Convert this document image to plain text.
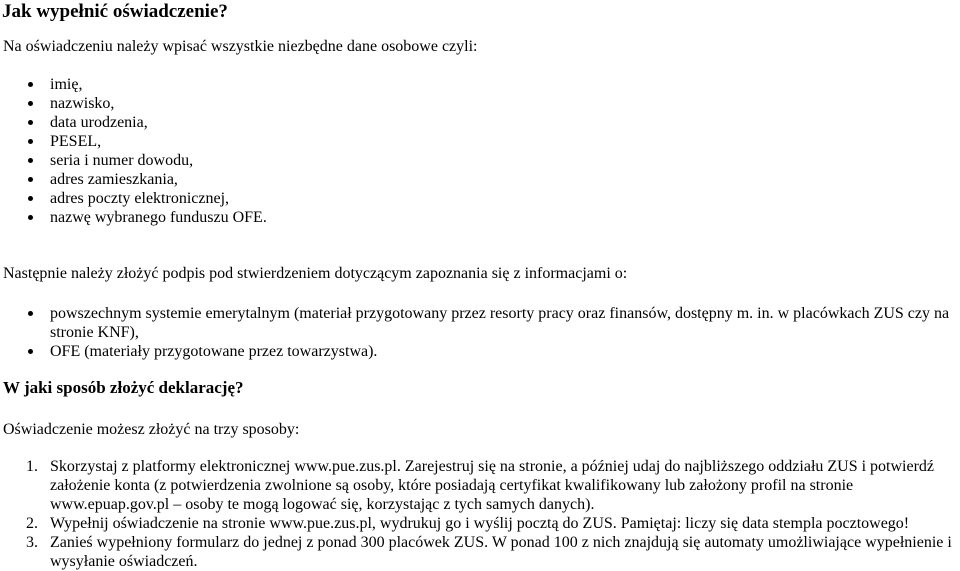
Jak wypełnić oświadczenie?

Na oświadczeniu należy wpisać wszystkie niezbędne dane osobowe czyli:

imię,
nazwisko,
data urodzenia,
PESEL,
seria i numer dowodu,
adres zamieszkania,
adres poczty elektronicznej,
nazwę wybranego funduszu OFE.

Następnie należy złożyć podpis pod stwierdzeniem dotyczącym zapoznania się z informacjami o:

powszechnym systemie emerytalnym (materiał przygotowany przez resorty pracy oraz finansów, dostępny m. in. w placówkach ZUS czy na stronie KNF),
OFE (materiały przygotowane przez towarzystwa).
W jaki sposób złożyć deklarację?

Oświadczenie możesz złożyć na trzy sposoby:

1. Skorzystaj z platformy elektronicznej www.pue.zus.pl. Zarejestruj się na stronie, a później udaj do najbliższego oddziału ZUS i potwierdź założenie konta (z potwierdzenia zwolnione są osoby, które posiadają certyfikat kwalifikowany lub założony profil na stronie www.epuap.gov.pl – osoby te mogą logować się, korzystając z tych samych danych).
2. Wypełnij oświadczenie na stronie www.pue.zus.pl, wydrukuj go i wyślij pocztą do ZUS. Pamiętaj: liczy się data stempla pocztowego!
3. Zanieś wypełniony formularz do jednej z ponad 300 placówek ZUS. W ponad 100 z nich znajdują się automaty umożliwiające wypełnienie i wysyłanie oświadczeń.
